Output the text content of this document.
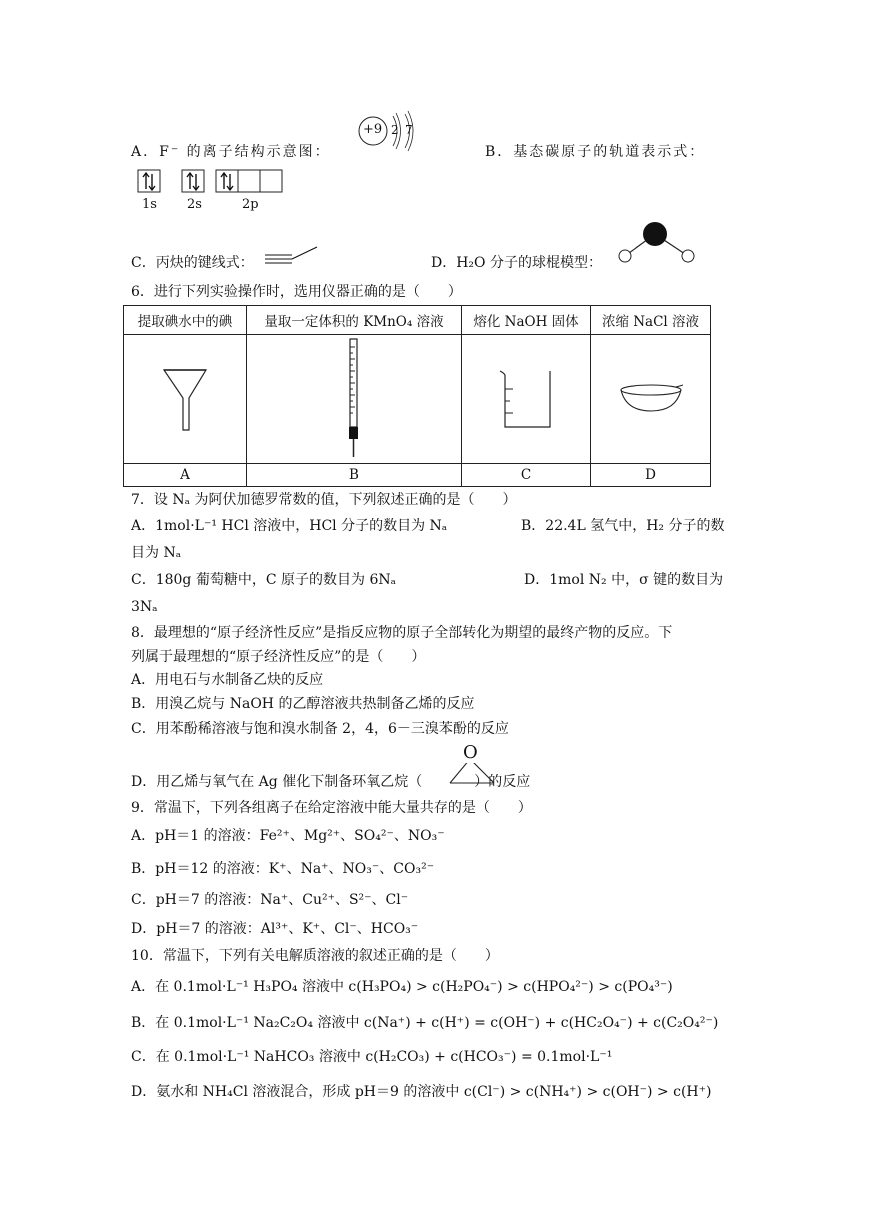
A．F⁻ 的离子结构示意图：
+9 2 7
B．基态碳原子的轨道表示式：
1s 2s	2p
C．丙炔的键线式：	D．H₂O 分子的球棍模型：
6．进行下列实验操作时，选用仪器正确的是（　　）
提取碘水中的碘	量取一定体积的 KMnO₄ 溶液	熔化 NaOH 固体	浓缩 NaCl 溶液

A	B	C	D
7．设 Nₐ 为阿伏加德罗常数的值，下列叙述正确的是（　　）
A．1mol·L⁻¹ HCl 溶液中，HCl 分子的数目为 Nₐ	B．22.4L 氢气中，H₂ 分子的数
目为 Nₐ
C．180g 葡萄糖中，C 原子的数目为 6Nₐ	D．1mol N₂ 中，σ 键的数目为
3Nₐ
8．最理想的“原子经济性反应”是指反应物的原子全部转化为期望的最终产物的反应。下
列属于最理想的“原子经济性反应”的是（　　）
A．用电石与水制备乙炔的反应
B．用溴乙烷与 NaOH 的乙醇溶液共热制备乙烯的反应
C．用苯酚稀溶液与饱和溴水制备 2，4，6－三溴苯酚的反应
D．用乙烯与氧气在 Ag 催化下制备环氧乙烷（	）的反应
O
9．常温下，下列各组离子在给定溶液中能大量共存的是（　　）
A．pH＝1 的溶液：Fe²⁺、Mg²⁺、SO₄²⁻、NO₃⁻
B．pH＝12 的溶液：K⁺、Na⁺、NO₃⁻、CO₃²⁻
C．pH＝7 的溶液：Na⁺、Cu²⁺、S²⁻、Cl⁻
D．pH＝7 的溶液：Al³⁺、K⁺、Cl⁻、HCO₃⁻
10．常温下，下列有关电解质溶液的叙述正确的是（　　）
A．在 0.1mol·L⁻¹ H₃PO₄ 溶液中 c(H₃PO₄) > c(H₂PO₄⁻) > c(HPO₄²⁻) > c(PO₄³⁻)
B．在 0.1mol·L⁻¹ Na₂C₂O₄ 溶液中 c(Na⁺) + c(H⁺) = c(OH⁻) + c(HC₂O₄⁻) + c(C₂O₄²⁻)
C．在 0.1mol·L⁻¹ NaHCO₃ 溶液中 c(H₂CO₃) + c(HCO₃⁻) = 0.1mol·L⁻¹
D．氨水和 NH₄Cl 溶液混合，形成 pH＝9 的溶液中 c(Cl⁻) > c(NH₄⁺) > c(OH⁻) > c(H⁺)
